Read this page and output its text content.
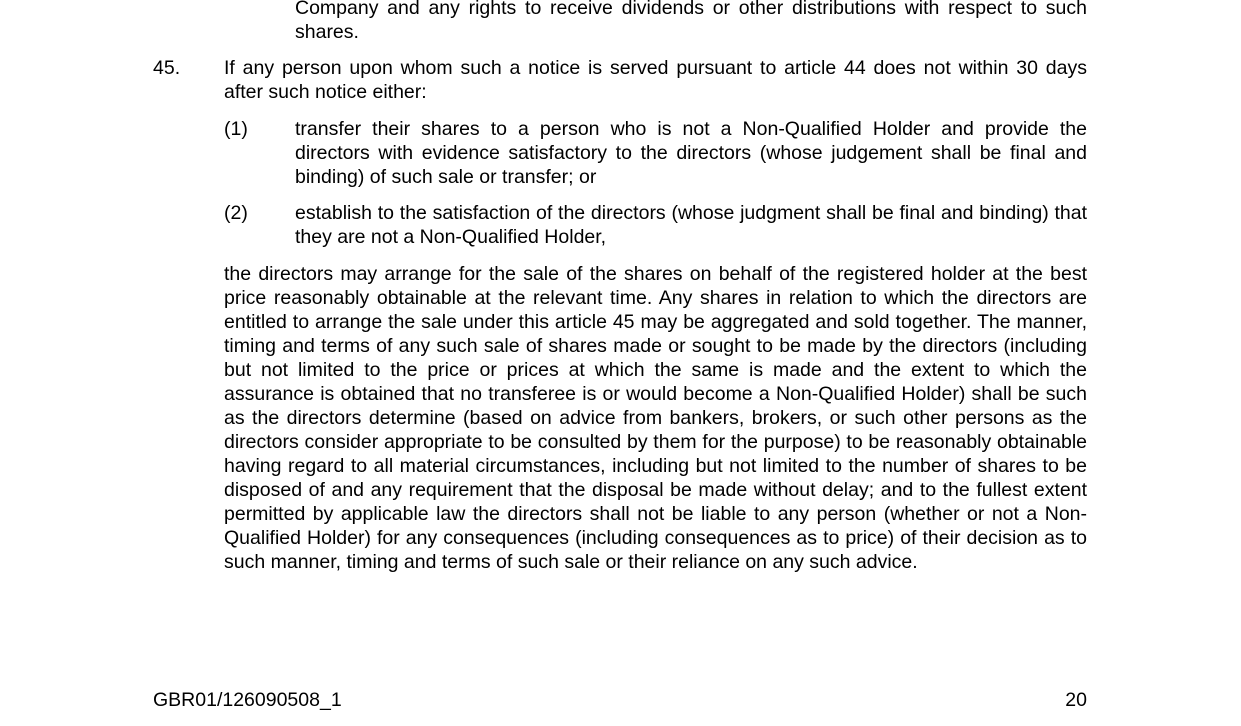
Company and any rights to receive dividends or other distributions with respect to such shares.

45. If any person upon whom such a notice is served pursuant to article 44 does not within 30 days after such notice either:

(1) transfer their shares to a person who is not a Non-Qualified Holder and provide the directors with evidence satisfactory to the directors (whose judgement shall be final and binding) of such sale or transfer; or

(2) establish to the satisfaction of the directors (whose judgment shall be final and binding) that they are not a Non-Qualified Holder,

the directors may arrange for the sale of the shares on behalf of the registered holder at the best price reasonably obtainable at the relevant time. Any shares in relation to which the directors are entitled to arrange the sale under this article 45 may be aggregated and sold together. The manner, timing and terms of any such sale of shares made or sought to be made by the directors (including but not limited to the price or prices at which the same is made and the extent to which the assurance is obtained that no transferee is or would become a Non-Qualified Holder) shall be such as the directors determine (based on advice from bankers, brokers, or such other persons as the directors consider appropriate to be consulted by them for the purpose) to be reasonably obtainable having regard to all material circumstances, including but not limited to the number of shares to be disposed of and any requirement that the disposal be made without delay; and to the fullest extent permitted by applicable law the directors shall not be liable to any person (whether or not a Non-Qualified Holder) for any consequences (including consequences as to price) of their decision as to such manner, timing and terms of such sale or their reliance on any such advice.

GBR01/126090508_1	20
